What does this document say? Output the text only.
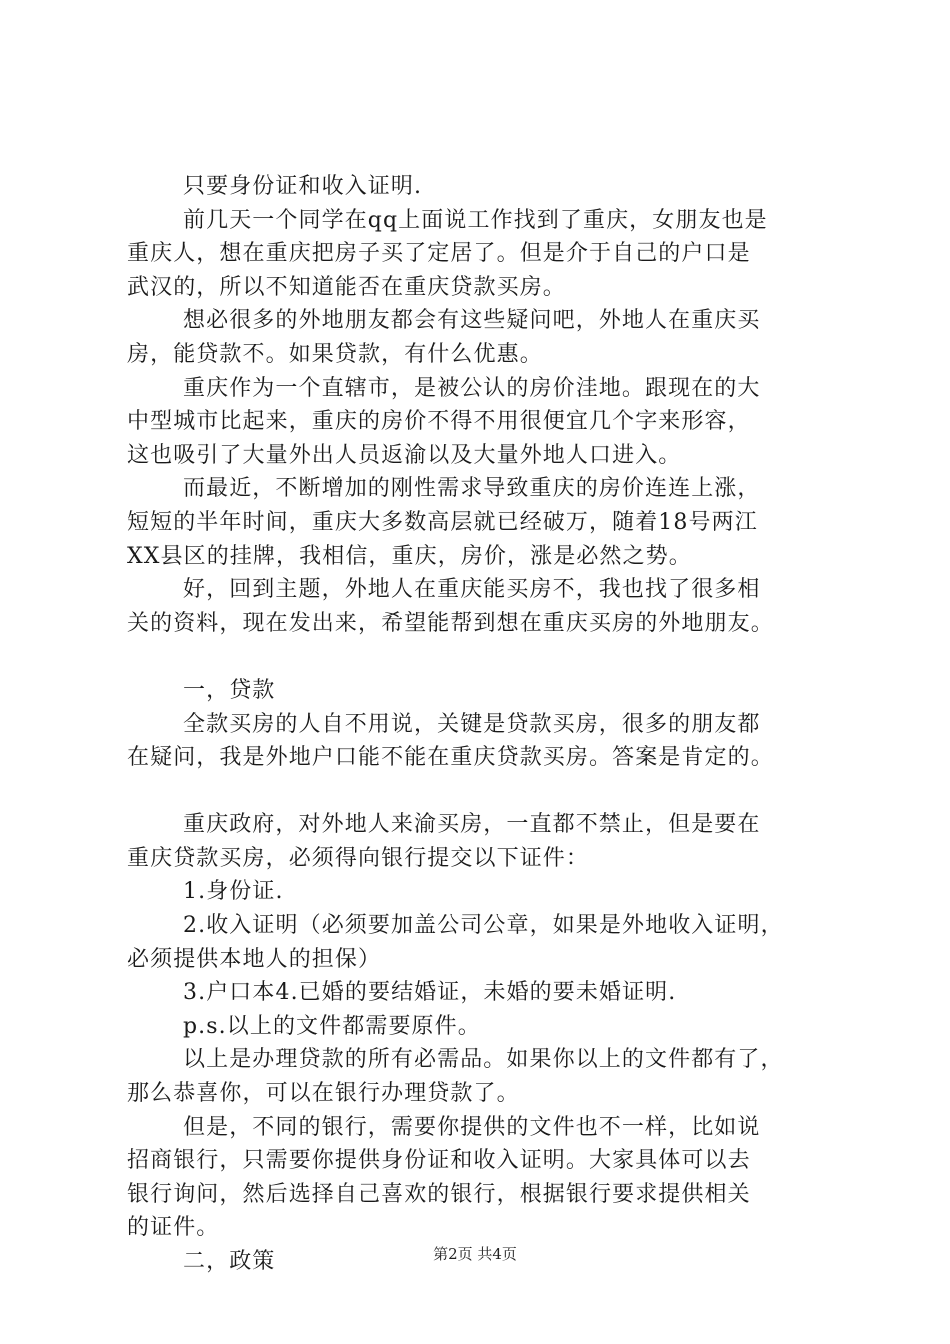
只要身份证和收入证明.
前几天一个同学在qq上面说工作找到了重庆，女朋友也是
重庆人，想在重庆把房子买了定居了。但是介于自己的户口是
武汉的，所以不知道能否在重庆贷款买房。
想必很多的外地朋友都会有这些疑问吧，外地人在重庆买
房，能贷款不。如果贷款，有什么优惠。
重庆作为一个直辖市，是被公认的房价洼地。跟现在的大
中型城市比起来，重庆的房价不得不用很便宜几个字来形容，
这也吸引了大量外出人员返渝以及大量外地人口进入。
而最近，不断增加的刚性需求导致重庆的房价连连上涨，
短短的半年时间，重庆大多数高层就已经破万，随着18号两江
XX县区的挂牌，我相信，重庆，房价，涨是必然之势。
好，回到主题，外地人在重庆能买房不，我也找了很多相
关的资料，现在发出来，希望能帮到想在重庆买房的外地朋友。
一，贷款
全款买房的人自不用说，关键是贷款买房，很多的朋友都
在疑问，我是外地户口能不能在重庆贷款买房。答案是肯定的。
重庆政府，对外地人来渝买房，一直都不禁止，但是要在
重庆贷款买房，必须得向银行提交以下证件：
1.身份证.
2.收入证明（必须要加盖公司公章，如果是外地收入证明，
必须提供本地人的担保）
3.户口本4.已婚的要结婚证，未婚的要未婚证明.
p.s.以上的文件都需要原件。
以上是办理贷款的所有必需品。如果你以上的文件都有了，
那么恭喜你，可以在银行办理贷款了。
但是，不同的银行，需要你提供的文件也不一样，比如说
招商银行，只需要你提供身份证和收入证明。大家具体可以去
银行询问，然后选择自己喜欢的银行，根据银行要求提供相关
的证件。
二，政策	第2页 共4页
